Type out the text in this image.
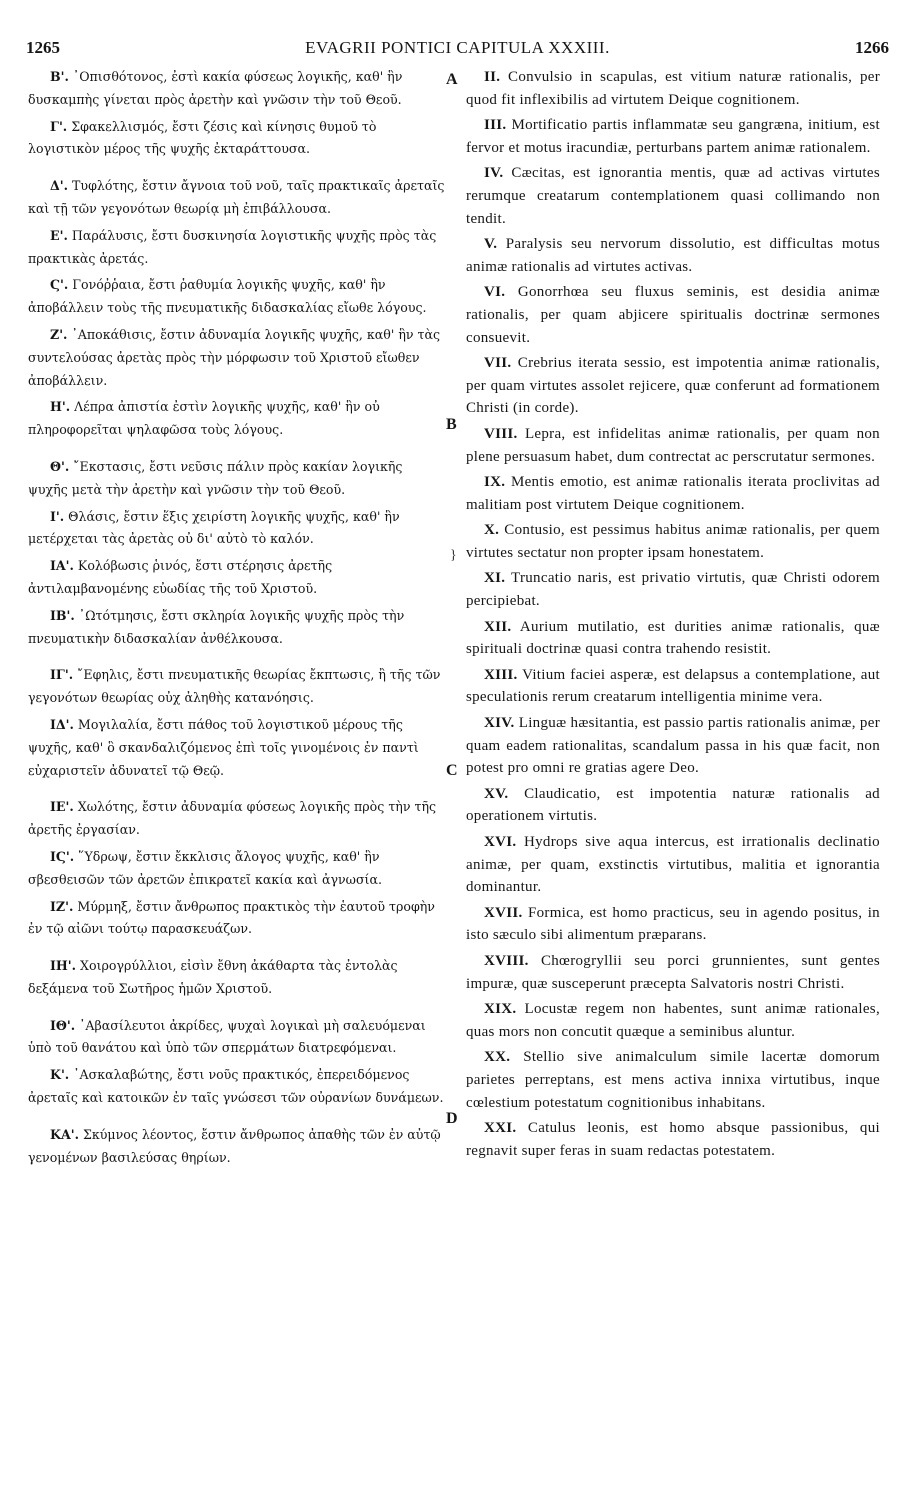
1265	EVAGRII PONTICI CAPITULA XXXIII.	1266

Β'. ᾿Οπισθότονος, ἐστὶ κακία φύσεως λογικῆς, καθ' ἣν δυσκαμπὴς γίνεται πρὸς ἀρετὴν καὶ γνῶσιν τὴν τοῦ Θεοῦ.

Γ'. Σφακελλισμός, ἔστι ζέσις καὶ κίνησις θυμοῦ τὸ λογιστικὸν μέρος τῆς ψυχῆς ἐκταράττουσα.

Δ'. Τυφλότης, ἔστιν ἄγνοια τοῦ νοῦ, ταῖς πρακτικαῖς ἀρεταῖς καὶ τῇ τῶν γεγονότων θεωρίᾳ μὴ ἐπιβάλλουσα.

Ε'. Παράλυσις, ἔστι δυσκινησία λογιστικῆς ψυχῆς πρὸς τὰς πρακτικὰς ἀρετάς.

Ϛ'. Γονόῤῥαια, ἔστι ῥαθυμία λογικῆς ψυχῆς, καθ' ἣν ἀποβάλλειν τοὺς τῆς πνευματικῆς διδασκαλίας εἴωθε λόγους.

Ζ'. ᾿Αποκάθισις, ἔστιν ἀδυναμία λογικῆς ψυχῆς, καθ' ἣν τὰς συντελούσας ἀρετὰς πρὸς τὴν μόρφωσιν τοῦ Χριστοῦ εἴωθεν ἀποβάλλειν.

Η'. Λέπρα ἀπιστία ἐστὶν λογικῆς ψυχῆς, καθ' ἣν οὐ πληροφορεῖται ψηλαφῶσα τοὺς λόγους.

Θ'. ῎Εκστασις, ἔστι νεῦσις πάλιν πρὸς κακίαν λογικῆς ψυχῆς μετὰ τὴν ἀρετὴν καὶ γνῶσιν τὴν τοῦ Θεοῦ.

Ι'. Θλάσις, ἔστιν ἕξις χειρίστη λογικῆς ψυχῆς, καθ' ἣν μετέρχεται τὰς ἀρετὰς οὐ δι' αὐτὸ τὸ καλόν.

ΙΑ'. Κολόβωσις ῥινός, ἔστι στέρησις ἀρετῆς ἀντιλαμβανομένης εὐωδίας τῆς τοῦ Χριστοῦ.

ΙΒ'. ᾿Ωτότμησις, ἔστι σκληρία λογικῆς ψυχῆς πρὸς τὴν πνευματικὴν διδασκαλίαν ἀνθέλκουσα.

ΙΓ'. ῎Εφηλις, ἔστι πνευματικῆς θεωρίας ἔκπτωσις, ἢ τῆς τῶν γεγονότων θεωρίας οὐχ ἀληθὴς κατανόησις.

ΙΔ'. Μογιλαλία, ἔστι πάθος τοῦ λογιστικοῦ μέρους τῆς ψυχῆς, καθ' ὃ σκανδαλιζόμενος ἐπὶ τοῖς γινομένοις ἐν παντὶ εὐχαριστεῖν ἀδυνατεῖ τῷ Θεῷ.

ΙΕ'. Χωλότης, ἔστιν ἀδυναμία φύσεως λογικῆς πρὸς τὴν τῆς ἀρετῆς ἐργασίαν.

ΙϚ'. ῞Υδρωψ, ἔστιν ἔκκλισις ἄλογος ψυχῆς, καθ' ἣν σβεσθεισῶν τῶν ἀρετῶν ἐπικρατεῖ κακία καὶ ἀγνωσία.

ΙΖ'. Μύρμηξ, ἔστιν ἄνθρωπος πρακτικὸς τὴν ἑαυτοῦ τροφὴν ἐν τῷ αἰῶνι τούτῳ παρασκευάζων.

ΙΗ'. Χοιρογρύλλιοι, εἰσὶν ἔθνη ἀκάθαρτα τὰς ἐντολὰς δεξάμενα τοῦ Σωτῆρος ἡμῶν Χριστοῦ.

ΙΘ'. ᾿Αβασίλευτοι ἀκρίδες, ψυχαὶ λογικαὶ μὴ σαλευόμεναι ὑπὸ τοῦ θανάτου καὶ ὑπὸ τῶν σπερμάτων διατρεφόμεναι.

Κ'. ᾿Ασκαλαβώτης, ἔστι νοῦς πρακτικός, ἐπερειδόμενος ἀρεταῖς καὶ κατοικῶν ἐν ταῖς γνώσεσι τῶν οὐρανίων δυνάμεων.

ΚΑ'. Σκύμνος λέοντος, ἔστιν ἄνθρωπος ἀπαθὴς τῶν ἐν αὐτῷ γενομένων βασιλεύσας θηρίων.

A
B
C
D
}

II. Convulsio in scapulas, est vitium naturæ rationalis, per quod fit inflexibilis ad virtutem Deique cognitionem.

III. Mortificatio partis inflammatæ seu gangræna, initium, est fervor et motus iracundiæ, perturbans partem animæ rationalem.

IV. Cæcitas, est ignorantia mentis, quæ ad activas virtutes rerumque creatarum contemplationem quasi collimando non tendit.

V. Paralysis seu nervorum dissolutio, est difficultas motus animæ rationalis ad virtutes activas.

VI. Gonorrhœa seu fluxus seminis, est desidia animæ rationalis, per quam abjicere spiritualis doctrinæ sermones consuevit.

VII. Crebrius iterata sessio, est impotentia animæ rationalis, per quam virtutes assolet rejicere, quæ conferunt ad formationem Christi (in corde).

VIII. Lepra, est infidelitas animæ rationalis, per quam non plene persuasum habet, dum contrectat ac perscrutatur sermones.

IX. Mentis emotio, est animæ rationalis iterata proclivitas ad malitiam post virtutem Deique cognitionem.

X. Contusio, est pessimus habitus animæ rationalis, per quem virtutes sectatur non propter ipsam honestatem.

XI. Truncatio naris, est privatio virtutis, quæ Christi odorem percipiebat.

XII. Aurium mutilatio, est durities animæ rationalis, quæ spirituali doctrinæ quasi contra trahendo resistit.

XIII. Vitium faciei asperæ, est delapsus a contemplatione, aut speculationis rerum creatarum intelligentia minime vera.

XIV. Linguæ hæsitantia, est passio partis rationalis animæ, per quam eadem rationalitas, scandalum passa in his quæ facit, non potest pro omni re gratias agere Deo.

XV. Claudicatio, est impotentia naturæ rationalis ad operationem virtutis.

XVI. Hydrops sive aqua intercus, est irrationalis declinatio animæ, per quam, exstinctis virtutibus, malitia et ignorantia dominantur.

XVII. Formica, est homo practicus, seu in agendo positus, in isto sæculo sibi alimentum præparans.

XVIII. Chœrogryllii seu porci grunnientes, sunt gentes impuræ, quæ susceperunt præcepta Salvatoris nostri Christi.

XIX. Locustæ regem non habentes, sunt animæ rationales, quas mors non concutit quæque a seminibus aluntur.

XX. Stellio sive animalculum simile lacertæ domorum parietes perreptans, est mens activa innixa virtutibus, inque cœlestium potestatum cognitionibus inhabitans.

XXI. Catulus leonis, est homo absque passionibus, qui regnavit super feras in suam redactas potestatem.
